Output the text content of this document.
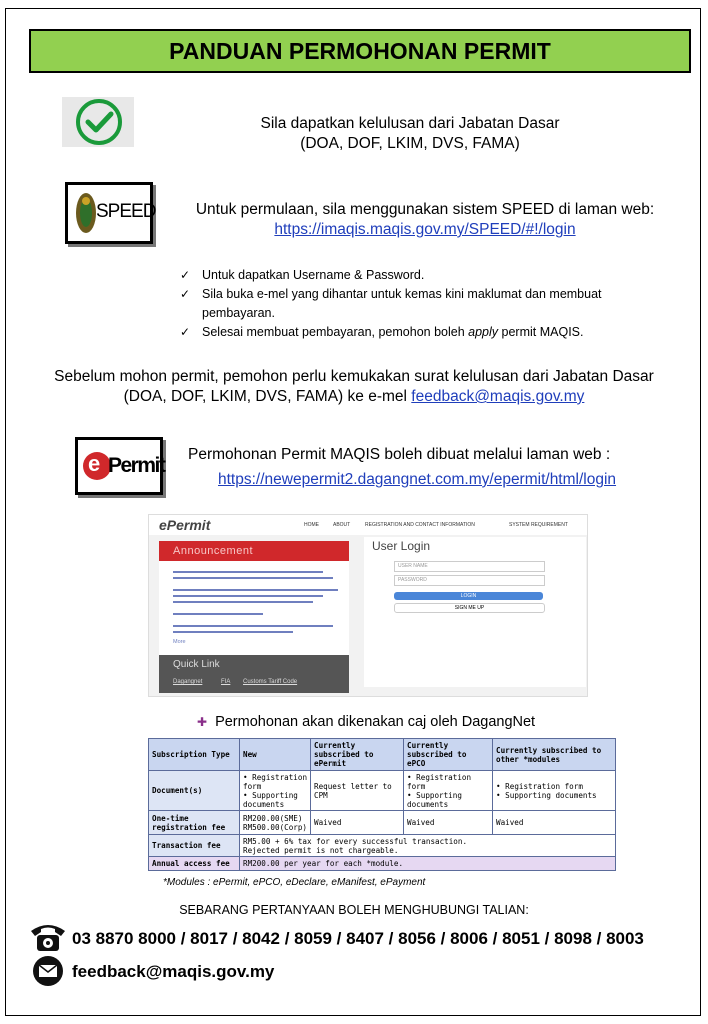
PANDUAN PERMOHONAN PERMIT
Sila dapatkan kelulusan dari Jabatan Dasar
(DOA, DOF, LKIM, DVS, FAMA)
SPEED	Untuk permulaan, sila menggunakan sistem SPEED di laman web:
https://imaqis.maqis.gov.my/SPEED/#!/login
✓ Untuk dapatkan Username & Password.
✓ Sila buka e-mel yang dihantar untuk kemas kini maklumat dan membuat pembayaran.
✓ Selesai membuat pembayaran, pemohon boleh apply permit MAQIS.
Sebelum mohon permit, pemohon perlu kemukakan surat kelulusan dari Jabatan Dasar
(DOA, DOF, LKIM, DVS, FAMA) ke e-mel feedback@maqis.gov.my
e Permit Permohonan Permit MAQIS boleh dibuat melalui laman web :
https://newepermit2.dagangnet.com.my/epermit/html/login
ePermit	HOME	ABOUT	REGISTRATION AND CONTACT INFORMATION	SYSTEM REQUIREMENT
Announcement
More
Quick Link
Dagangnet	FIA Customs Tariff Code
User Login
USER NAME
PASSWORD
LOGIN
SIGN ME UP
✚ Permohonan akan dikenakan caj oleh DagangNet
Subscription Type	New	Currently subscribed to ePermit	Currently subscribed to ePCO	Currently subscribed to other *modules
Document(s)	• Registration form
• Supporting documents	Request letter to CPM	• Registration form
• Supporting documents	• Registration form
• Supporting documents
One-time registration fee	RM200.00(SME)
RM500.00(Corp)	Waived	Waived	Waived
Transaction fee	RM5.00 + 6% tax for every successful transaction.
Rejected permit is not chargeable.			
Annual access fee	RM200.00 per year for each *module.			
*Modules : ePermit, ePCO, eDeclare, eManifest, ePayment
SEBARANG PERTANYAAN BOLEH MENGHUBUNGI TALIAN:
03 8870 8000 / 8017 / 8042 / 8059 / 8407 / 8056 / 8006 / 8051 / 8098 / 8003
feedback@maqis.gov.my
